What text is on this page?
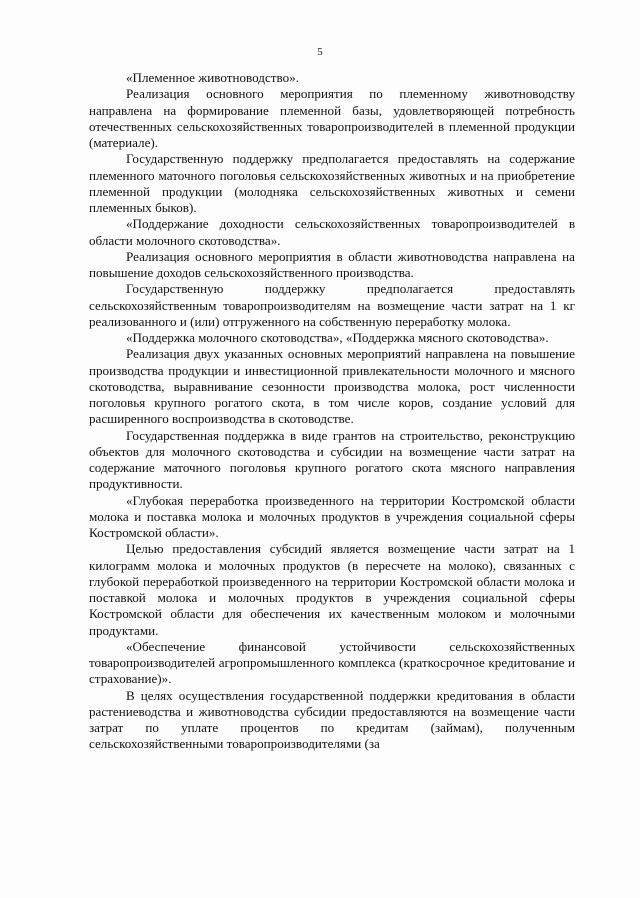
5

«Племенное животноводство».

Реализация основного мероприятия по племенному животноводству направлена на формирование племенной базы, удовлетворяющей потребность отечественных сельскохозяйственных товаропроизводителей в племенной продукции (материале).

Государственную поддержку предполагается предоставлять на содержание племенного маточного поголовья сельскохозяйственных животных и на приобретение племенной продукции (молодняка сельскохозяйственных животных и семени племенных быков).

«Поддержание доходности сельскохозяйственных товаропроизводителей в области молочного скотоводства».

Реализация основного мероприятия в области животноводства направлена на повышение доходов сельскохозяйственного производства.

Государственную поддержку предполагается предоставлять сельскохозяйственным товаропроизводителям на возмещение части затрат на 1 кг реализованного и (или) отгруженного на собственную переработку молока.

«Поддержка молочного скотоводства», «Поддержка мясного скотоводства».

Реализация двух указанных основных мероприятий направлена на повышение производства продукции и инвестиционной привлекательности молочного и мясного скотоводства, выравнивание сезонности производства молока, рост численности поголовья крупного рогатого скота, в том числе коров, создание условий для расширенного воспроизводства в скотоводстве.

Государственная поддержка в виде грантов на строительство, реконструкцию объектов для молочного скотоводства и субсидии на возмещение части затрат на содержание маточного поголовья крупного рогатого скота мясного направления продуктивности.

«Глубокая переработка произведенного на территории Костромской области молока и поставка молока и молочных продуктов в учреждения социальной сферы Костромской области».

Целью предоставления субсидий является возмещение части затрат на 1 килограмм молока и молочных продуктов (в пересчете на молоко), связанных с глубокой переработкой произведенного на территории Костромской области молока и поставкой молока и молочных продуктов в учреждения социальной сферы Костромской области для обеспечения их качественным молоком и молочными продуктами.

«Обеспечение финансовой устойчивости сельскохозяйственных товаропроизводителей агропромышленного комплекса (краткосрочное кредитование и страхование)».

В целях осуществления государственной поддержки кредитования в области растениеводства и животноводства субсидии предоставляются на возмещение части затрат по уплате процентов по кредитам (займам), полученным сельскохозяйственными товаропроизводителями (за
